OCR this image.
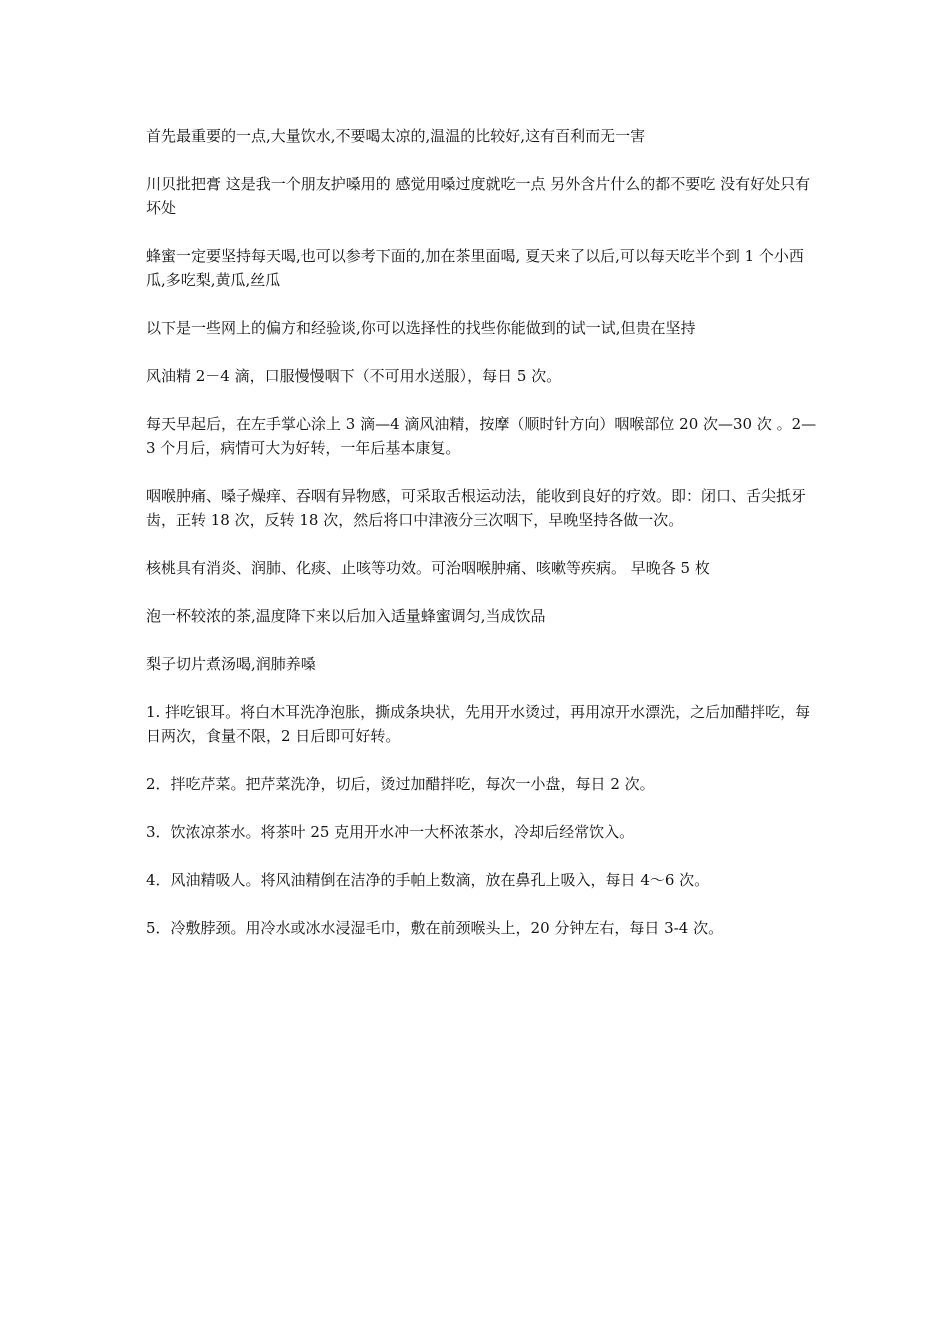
首先最重要的一点,大量饮水,不要喝太凉的,温温的比较好,这有百利而无一害

川贝批把膏 这是我一个朋友护嗓用的 感觉用嗓过度就吃一点 另外含片什么的都不要吃 没有好处只有坏处

蜂蜜一定要坚持每天喝,也可以参考下面的,加在茶里面喝, 夏天来了以后,可以每天吃半个到 1 个小西瓜,多吃梨,黄瓜,丝瓜

以下是一些网上的偏方和经验谈,你可以选择性的找些你能做到的试一试,但贵在坚持

风油精 2－4 滴，口服慢慢咽下（不可用水送服），每日 5 次。

每天早起后，在左手掌心涂上 3 滴—4 滴风油精，按摩（顺时针方向）咽喉部位 20 次—30 次 。2—3 个月后，病情可大为好转，一年后基本康复。

咽喉肿痛、嗓子燥痒、吞咽有异物感，可采取舌根运动法，能收到良好的疗效。即：闭口、舌尖抵牙齿，正转 18 次，反转 18 次，然后将口中津液分三次咽下，早晚坚持各做一次。

核桃具有消炎、润肺、化痰、止咳等功效。可治咽喉肿痛、咳嗽等疾病。 早晚各 5 枚

泡一杯较浓的茶,温度降下来以后加入适量蜂蜜调匀,当成饮品

梨子切片煮汤喝,润肺养嗓

1. 拌吃银耳。将白木耳洗净泡胀，撕成条块状，先用开水烫过，再用凉开水漂洗，之后加醋拌吃，每日两次，食量不限，2 日后即可好转。

2．拌吃芹菜。把芹菜洗净，切后，烫过加醋拌吃，每次一小盘，每日 2 次。

3．饮浓凉茶水。将茶叶 25 克用开水冲一大杯浓茶水，冷却后经常饮入。

4．风油精吸人。将风油精倒在洁净的手帕上数滴，放在鼻孔上吸入，每日 4～6 次。

5．冷敷脖颈。用冷水或冰水浸湿毛巾，敷在前颈喉头上，20 分钟左右，每日 3-4 次。
